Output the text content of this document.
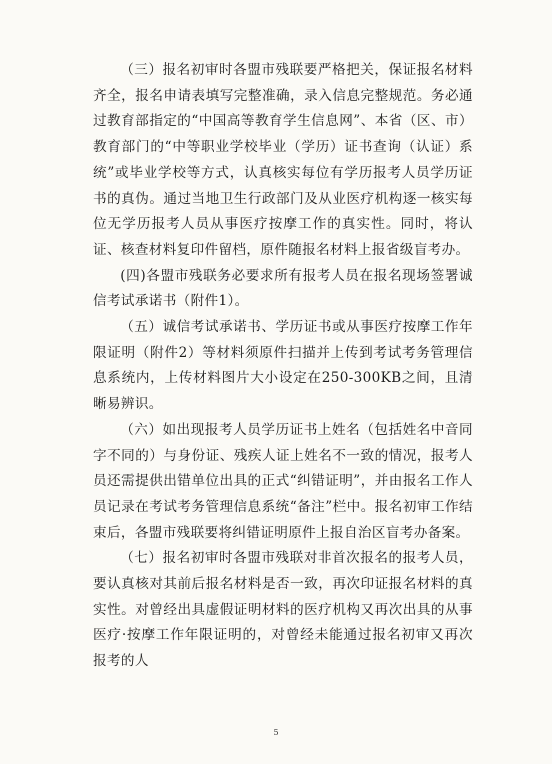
（三）报名初审时各盟市残联要严格把关，保证报名材料齐全，报名申请表填写完整准确，录入信息完整规范。务必通过教育部指定的“中国高等教育学生信息网”、本省（区、市）教育部门的“中等职业学校毕业（学历）证书查询（认证）系统”或毕业学校等方式，认真核实每位有学历报考人员学历证书的真伪。通过当地卫生行政部门及从业医疗机构逐一核实每位无学历报考人员从事医疗按摩工作的真实性。同时，将认证、核查材料复印件留档，原件随报名材料上报省级盲考办。

(四)各盟市残联务必要求所有报考人员在报名现场签署诚信考试承诺书（附件1）。

（五）诚信考试承诺书、学历证书或从事医疗按摩工作年限证明（附件2）等材料须原件扫描并上传到考试考务管理信息系统内，上传材料图片大小设定在250-300KB之间，且清晰易辨识。

（六）如出现报考人员学历证书上姓名（包括姓名中音同字不同的）与身份证、残疾人证上姓名不一致的情况，报考人员还需提供出错单位出具的正式“纠错证明”，并由报名工作人员记录在考试考务管理信息系统“备注”栏中。报名初审工作结束后，各盟市残联要将纠错证明原件上报自治区盲考办备案。

（七）报名初审时各盟市残联对非首次报名的报考人员，要认真核对其前后报名材料是否一致，再次印证报名材料的真实性。对曾经出具虚假证明材料的医疗机构又再次出具的从事医疗·按摩工作年限证明的，对曾经未能通过报名初审又再次报考的人

5
